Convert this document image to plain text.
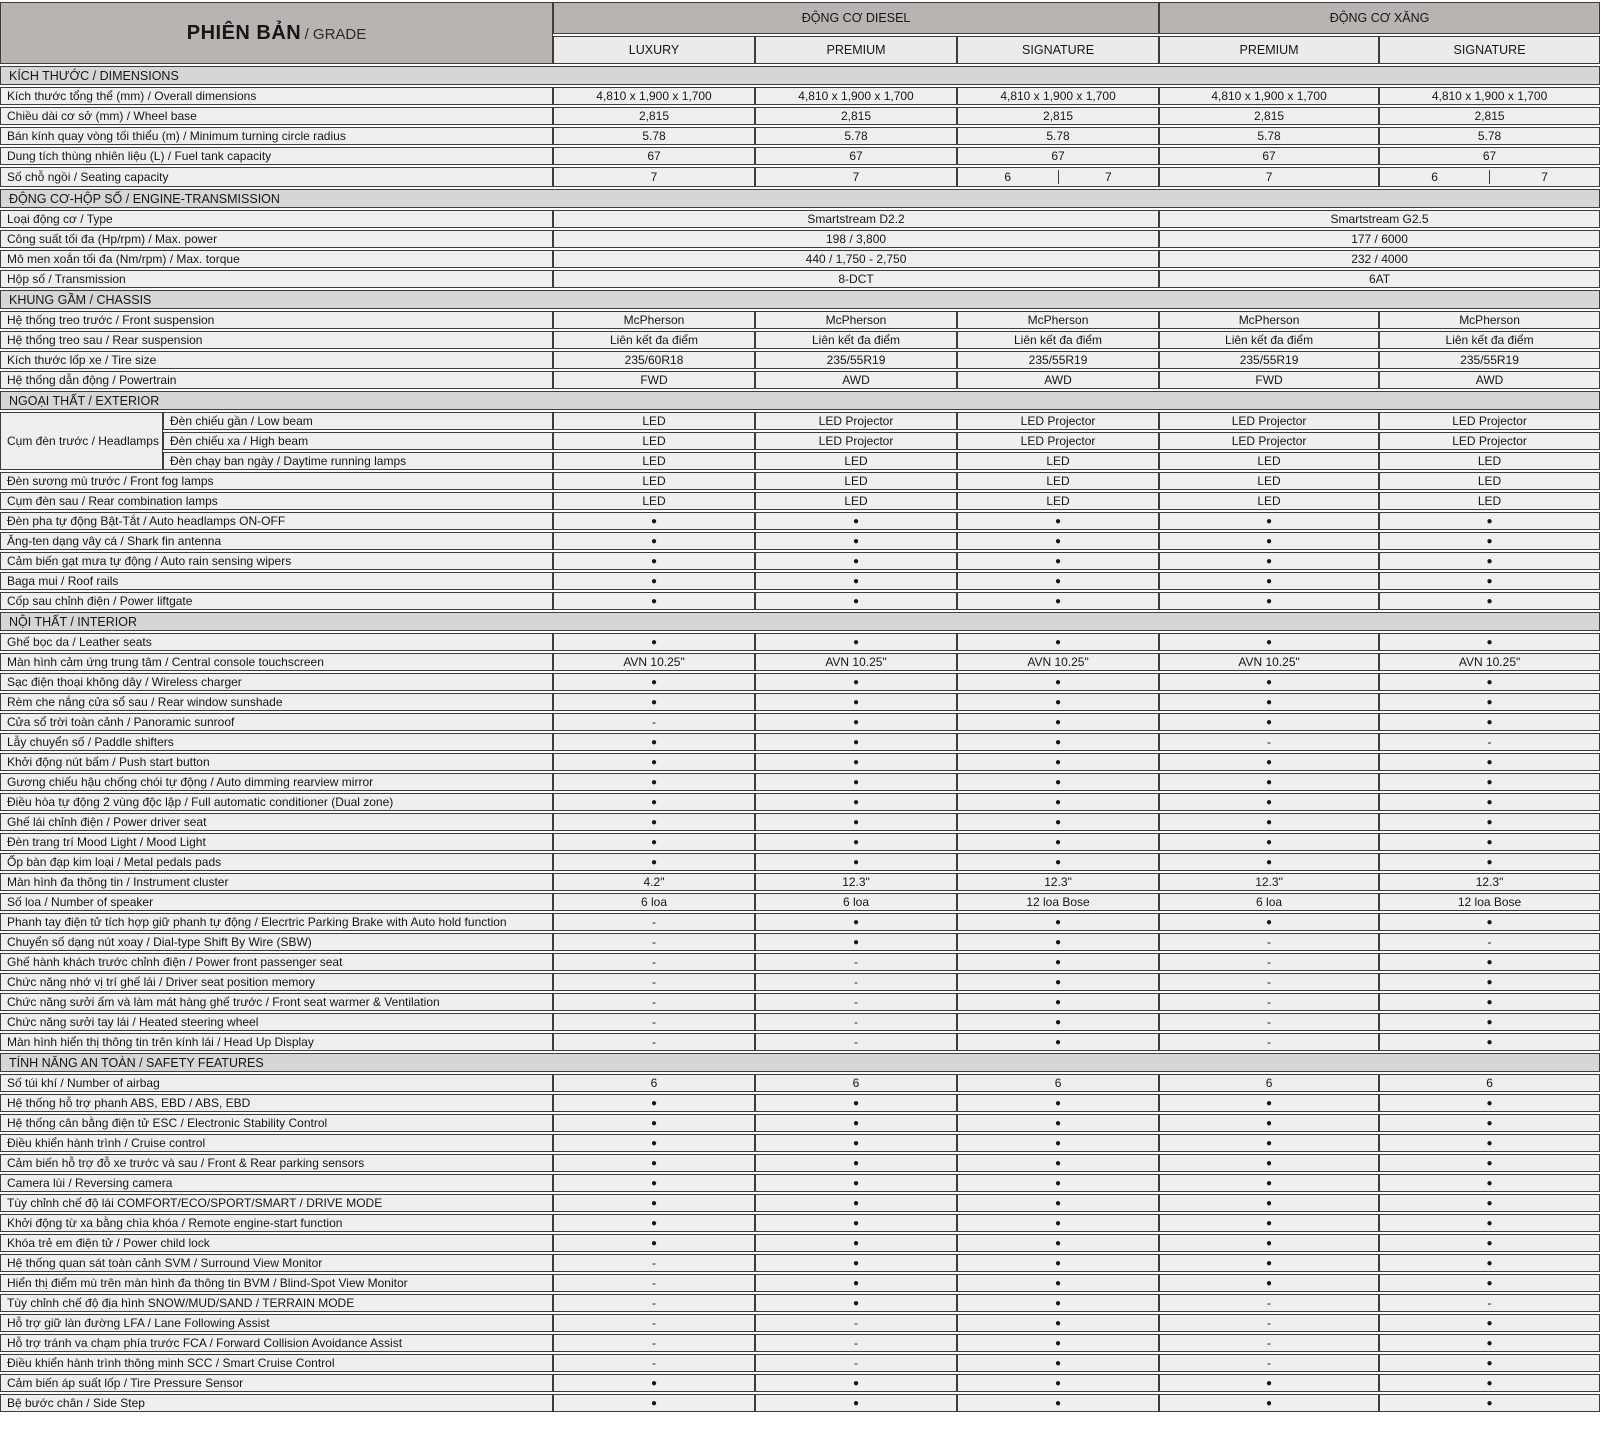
PHIÊN BẢN / GRADE		ĐỘNG CƠ DIESEL			ĐỘNG CƠ XĂNG	
		LUXURY	PREMIUM	SIGNATURE	PREMIUM	SIGNATURE
KÍCH THƯỚC / DIMENSIONS						
Kích thước tổng thể (mm) / Overall dimensions		4,810 x 1,900 x 1,700	4,810 x 1,900 x 1,700	4,810 x 1,900 x 1,700	4,810 x 1,900 x 1,700	4,810 x 1,900 x 1,700
Chiều dài cơ sở (mm) / Wheel base		2,815	2,815	2,815	2,815	2,815
Bán kính quay vòng tối thiểu (m) / Minimum turning circle radius		5.78	5.78	5.78	5.78	5.78
Dung tích thùng nhiên liệu (L) / Fuel tank capacity		67	67	67	67	67
Số chỗ ngồi / Seating capacity		7	7	6 7	7	6 7

ĐỘNG CƠ-HỘP SỐ / ENGINE-TRANSMISSION						
Loại động cơ / Type		Smartstream D2.2			Smartstream G2.5	
Công suất tối đa (Hp/rpm) / Max. power		198 / 3,800			177 / 6000	
Mô men xoắn tối đa (Nm/rpm) / Max. torque		440 / 1,750 - 2,750			232 / 4000	
Hộp số / Transmission		8-DCT			6AT	
KHUNG GẦM / CHASSIS						
Hệ thống treo trước / Front suspension		McPherson	McPherson	McPherson	McPherson	McPherson
Hệ thống treo sau / Rear suspension		Liên kết đa điểm	Liên kết đa điểm	Liên kết đa điểm	Liên kết đa điểm	Liên kết đa điểm
Kích thước lốp xe / Tire size		235/60R18	235/55R19	235/55R19	235/55R19	235/55R19
Hệ thống dẫn động / Powertrain		FWD	AWD	AWD	FWD	AWD
NGOẠI THẤT / EXTERIOR						
Cụm đèn trước / Headlamps	Đèn chiếu gần / Low beam	LED	LED Projector	LED Projector	LED Projector	LED Projector
	Đèn chiếu xa / High beam	LED	LED Projector	LED Projector	LED Projector	LED Projector
	Đèn chạy ban ngày / Daytime running lamps	LED	LED	LED	LED	LED
Đèn sương mù trước / Front fog lamps		LED	LED	LED	LED	LED
Cụm đèn sau / Rear combination lamps		LED	LED	LED	LED	LED
Đèn pha tự động Bật-Tắt / Auto headlamps ON-OFF		●	●	●	●	●
Ăng-ten dạng vây cá / Shark fin antenna		●	●	●	●	●
Cảm biến gạt mưa tự động / Auto rain sensing wipers		●	●	●	●	●
Baga mui / Roof rails		●	●	●	●	●
Cốp sau chỉnh điện / Power liftgate		●	●	●	●	●
NỘI THẤT / INTERIOR						
Ghế bọc da / Leather seats		●	●	●	●	●
Màn hình cảm ứng trung tâm / Central console touchscreen		AVN 10.25"	AVN 10.25"	AVN 10.25"	AVN 10.25"	AVN 10.25"
Sạc điện thoại không dây / Wireless charger		●	●	●	●	●
Rèm che nắng cửa sổ sau / Rear window sunshade		●	●	●	●	●
Cửa sổ trời toàn cảnh / Panoramic sunroof		-	●	●	●	●
Lẫy chuyển số / Paddle shifters		●	●	●	-	-
Khởi động nút bấm / Push start button		●	●	●	●	●
Gương chiếu hậu chống chói tự động / Auto dimming rearview mirror		●	●	●	●	●
Điều hòa tự động 2 vùng độc lập / Full automatic conditioner (Dual zone)		●	●	●	●	●
Ghế lái chỉnh điện / Power driver seat		●	●	●	●	●
Đèn trang trí Mood Light / Mood Light		●	●	●	●	●
Ốp bàn đạp kim loại / Metal pedals pads		●	●	●	●	●
Màn hình đa thông tin / Instrument cluster		4.2"	12.3"	12.3"	12.3"	12.3"
Số loa / Number of speaker		6 loa	6 loa	12 loa Bose	6 loa	12 loa Bose
Phanh tay điện tử tích hợp giữ phanh tự động / Elecrtric Parking Brake with Auto hold function		-	●	●	●	●
Chuyển số dạng nút xoay / Dial-type Shift By Wire (SBW)		-	●	●	-	-
Ghế hành khách trước chỉnh điện / Power front passenger seat		-	-	●	-	●
Chức năng nhớ vị trí ghế lái / Driver seat position memory		-	-	●	-	●
Chức năng sưởi ấm và làm mát hàng ghế trước / Front seat warmer & Ventilation		-	-	●	-	●
Chức năng sưởi tay lái / Heated steering wheel		-	-	●	-	●
Màn hình hiển thị thông tin trên kính lái / Head Up Display		-	-	●	-	●
TÍNH NĂNG AN TOÀN / SAFETY FEATURES						
Số túi khí / Number of airbag		6	6	6	6	6
Hệ thống hỗ trợ phanh ABS, EBD / ABS, EBD		●	●	●	●	●
Hệ thống cân bằng điện tử ESC / Electronic Stability Control		●	●	●	●	●
Điều khiển hành trình / Cruise control		●	●	●	●	●
Cảm biến hỗ trợ đỗ xe trước và sau / Front & Rear parking sensors		●	●	●	●	●
Camera lùi / Reversing camera		●	●	●	●	●
Tùy chỉnh chế độ lái COMFORT/ECO/SPORT/SMART / DRIVE MODE		●	●	●	●	●
Khởi động từ xa bằng chìa khóa / Remote engine-start function		●	●	●	●	●
Khóa trẻ em điện tử / Power child lock		●	●	●	●	●
Hệ thống quan sát toàn cảnh SVM / Surround View Monitor		-	●	●	●	●
Hiển thị điểm mù trên màn hình đa thông tin BVM / Blind-Spot View Monitor		-	●	●	●	●
Tùy chỉnh chế độ địa hình SNOW/MUD/SAND / TERRAIN MODE		-	●	●	-	-
Hỗ trợ giữ làn đường LFA / Lane Following Assist		-	-	●	-	●
Hỗ trợ tránh va chạm phía trước FCA / Forward Collision Avoidance Assist		-	-	●	-	●
Điều khiển hành trình thông minh SCC / Smart Cruise Control		-	-	●	-	●
Cảm biến áp suất lốp / Tire Pressure Sensor		●	●	●	●	●
Bệ bước chân / Side Step		●	●	●	●	●
